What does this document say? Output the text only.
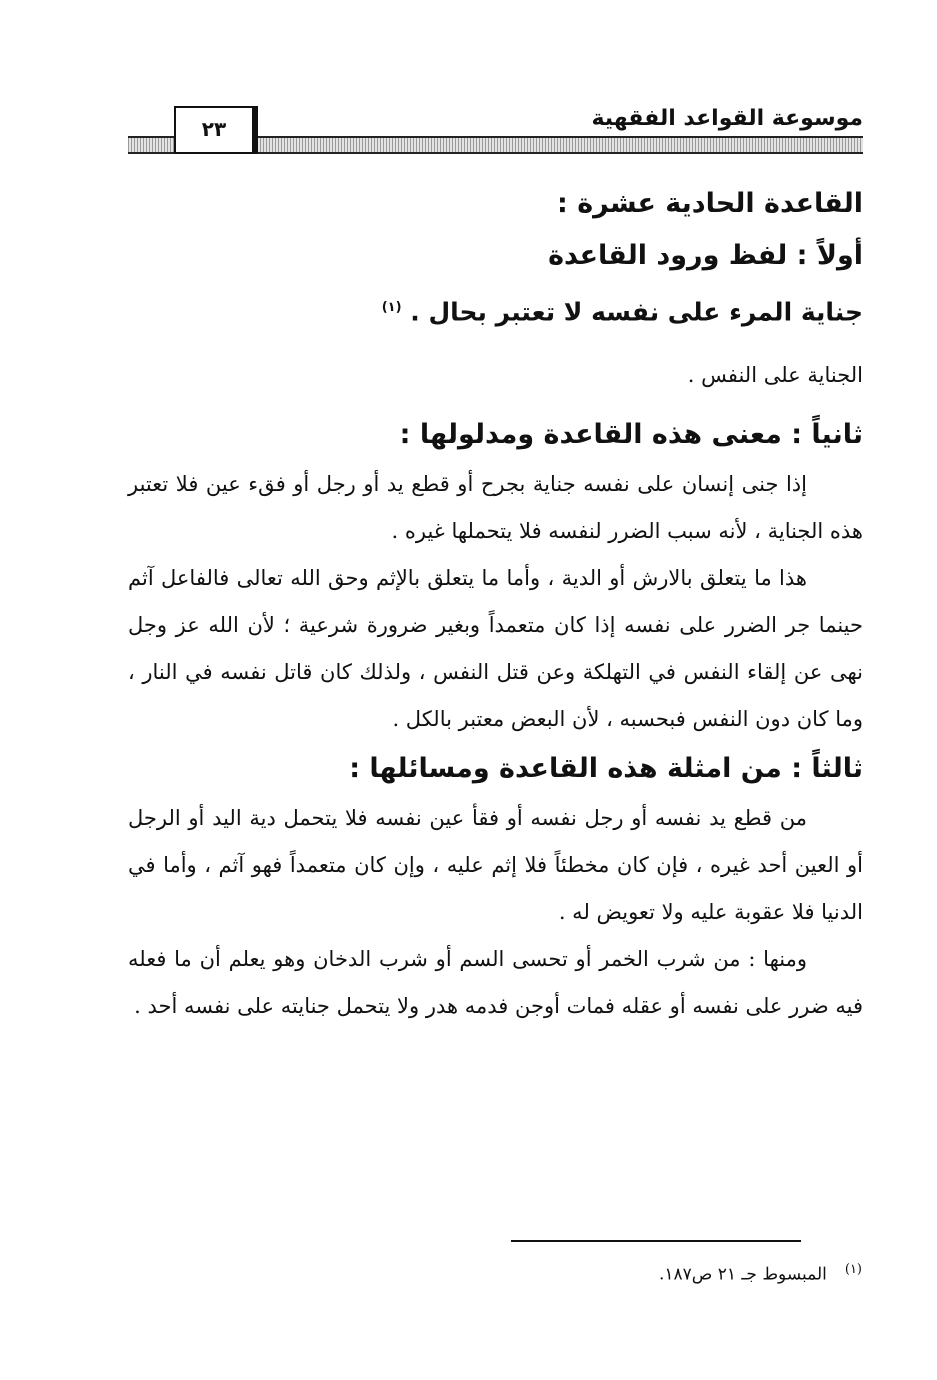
٢٣	موسوعة القواعد الفقهية

القاعدة الحادية عشرة :

أولاً : لفظ ورود القاعدة

جناية المرء على نفسه لا تعتبر بحال . $^{(١)}$

الجناية على النفس .

ثانياً : معنى هذه القاعدة ومدلولها :

إذا جنى إنسان على نفسه جناية بجرح أو قطع يد أو رجل أو فقء عين فلا تعتبر هذه الجناية ، لأنه سبب الضرر لنفسه فلا يتحملها غيره .

هذا ما يتعلق بالارش أو الدية ، وأما ما يتعلق بالإثم وحق الله تعالى فالفاعل آثم حينما جر الضرر على نفسه إذا كان متعمداً وبغير ضرورة شرعية ؛ لأن الله عز وجل نهى عن إلقاء النفس في التهلكة وعن قتل النفس ، ولذلك كان قاتل نفسه في النار ، وما كان دون النفس فبحسبه ، لأن البعض معتبر بالكل .

ثالثاً : من امثلة هذه القاعدة ومسائلها :

من قطع يد نفسه أو رجل نفسه أو فقأ عين نفسه فلا يتحمل دية اليد أو الرجل أو العين أحد غيره ، فإن كان مخطئاً فلا إثم عليه ، وإن كان متعمداً فهو آثم ، وأما في الدنيا فلا عقوبة عليه ولا تعويض له .

ومنها : من شرب الخمر أو تحسى السم أو شرب الدخان وهو يعلم أن ما فعله فيه ضرر على نفسه أو عقله فمات أوجن فدمه هدر ولا يتحمل جنايته على نفسه أحد .

$^{(١)}$المبسوط جـ ٢١ ص١٨٧.
